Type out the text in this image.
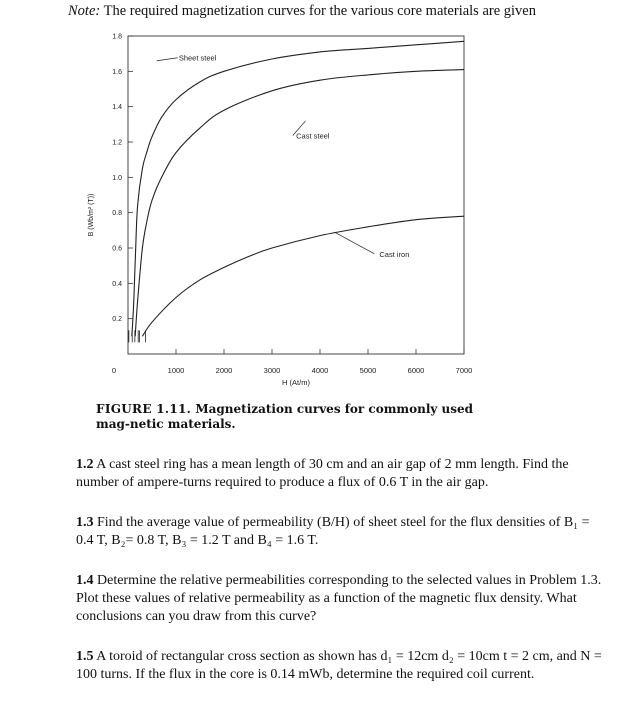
Note: The required magnetization curves for the various core materials are given
0.2
0.4
0.6
0.8
1.0
1.2
1.4
1.6
1.8
1000	2000	3000	4000	5000	6000	7000
Sheet steel
Cast steel
Cast iron
B (Wb/m² (T))
H (At/m)
0
FIGURE 1.11. Magnetization curves for commonly used mag-netic materials.
1.2 A cast steel ring has a mean length of 30 cm and an air gap of 2 mm length. Find the number of ampere-turns required to produce a flux of 0.6 T in the air gap.
1.3 Find the average value of permeability (B/H) of sheet steel for the flux densities of B₁ = 0.4 T, B₂= 0.8 T, B₃ = 1.2 T and B₄ = 1.6 T.
1.4 Determine the relative permeabilities corresponding to the selected values in Problem 1.3. Plot these values of relative permeability as a function of the magnetic flux density. What conclusions can you draw from this curve?
1.5 A toroid of rectangular cross section as shown has d₁ = 12cm d₂ = 10cm t = 2 cm, and N = 100 turns. If the flux in the core is 0.14 mWb, determine the required coil current.
